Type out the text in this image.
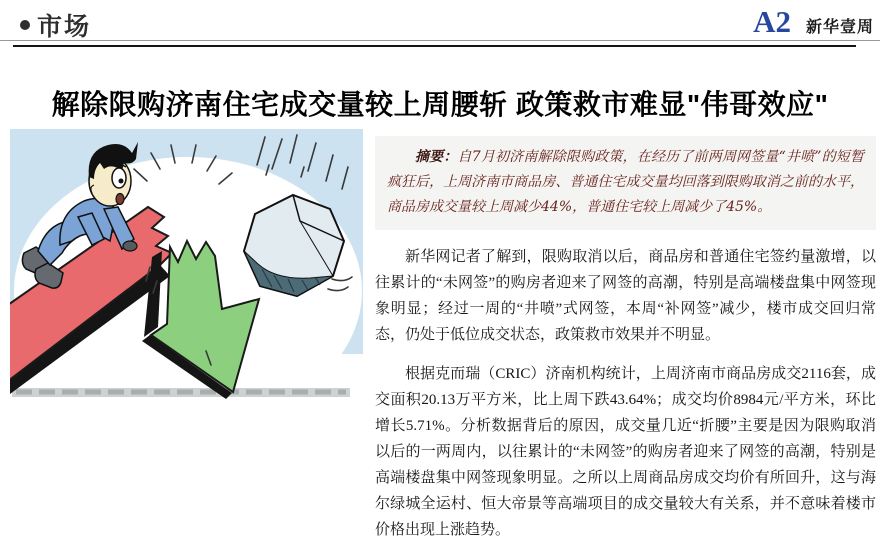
市场	A2 新华壹周
解除限购济南住宅成交量较上周腰斩 政策救市难显"伟哥效应"

摘要：自7月初济南解除限购政策，在经历了前两周网签量“井喷”的短暂疯狂后，上周济南市商品房、普通住宅成交量均回落到限购取消之前的水平，商品房成交量较上周减少44%，普通住宅较上周减少了45%。

新华网记者了解到，限购取消以后，商品房和普通住宅签约量激增，以往累计的“未网签”的购房者迎来了网签的高潮，特别是高端楼盘集中网签现象明显；经过一周的“井喷”式网签，本周“补网签”减少，楼市成交回归常态，仍处于低位成交状态，政策救市效果并不明显。

根据克而瑞（CRIC）济南机构统计，上周济南市商品房成交2116套，成交面积20.13万平方米，比上周下跌43.64%；成交均价8984元/平方米，环比增长5.71%。分析数据背后的原因，成交量几近“折腰”主要是因为限购取消以后的一两周内，以往累计的“未网签”的购房者迎来了网签的高潮，特别是高端楼盘集中网签现象明显。之所以上周商品房成交均价有所回升，这与海尔绿城全运村、恒大帝景等高端项目的成交量较大有关系，并不意味着楼市价格出现上涨趋势。
